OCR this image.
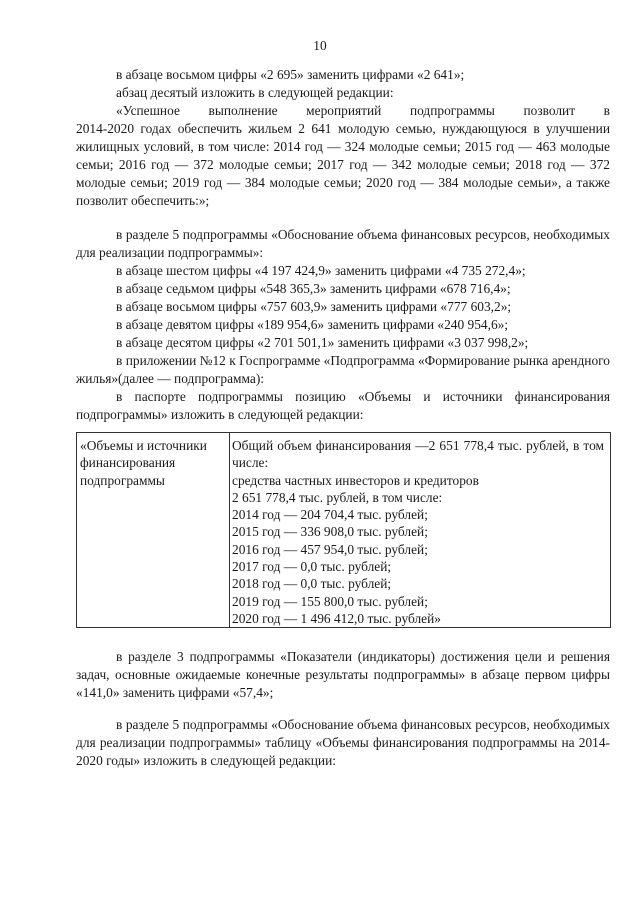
10

в абзаце восьмом цифры «2 695» заменить цифрами «2 641»;

абзац десятый изложить в следующей редакции:

«Успешное выполнение мероприятий подпрограммы позволит в

2014-2020 годах обеспечить жильем 2 641 молодую семью, нуждающуюся в улучшении жилищных условий, в том числе: 2014 год — 324 молодые семьи; 2015 год — 463 молодые семьи; 2016 год — 372 молодые семьи; 2017 год — 342 молодые семьи; 2018 год — 372 молодые семьи; 2019 год — 384 молодые семьи; 2020 год — 384 молодые семьи», а также позволит обеспечить:»;

в разделе 5 подпрограммы «Обоснование объема финансовых ресурсов, необходимых для реализации подпрограммы»:

в абзаце шестом цифры «4 197 424,9» заменить цифрами «4 735 272,4»;

в абзаце седьмом цифры «548 365,3» заменить цифрами «678 716,4»;

в абзаце восьмом цифры «757 603,9» заменить цифрами «777 603,2»;

в абзаце девятом цифры «189 954,6» заменить цифрами «240 954,6»;

в абзаце десятом цифры «2 701 501,1» заменить цифрами «3 037 998,2»;

в приложении №12 к Госпрограмме «Подпрограмма «Формирование рынка арендного жилья»(далее — подпрограмма):

в паспорте подпрограммы позицию «Объемы и источники финансирования подпрограммы» изложить в следующей редакции:

«Объемы и источники финансирования подпрограммы
Общий объем финансирования —2 651 778,4 тыс. рублей, в том числе:
средства частных инвесторов и кредиторов
2 651 778,4 тыс. рублей, в том числе:
2014 год — 204 704,4 тыс. рублей;
2015 год — 336 908,0 тыс. рублей;
2016 год — 457 954,0 тыс. рублей;
2017 год — 0,0 тыс. рублей;
2018 год — 0,0 тыс. рублей;
2019 год — 155 800,0 тыс. рублей;
2020 год — 1 496 412,0 тыс. рублей»

в разделе 3 подпрограммы «Показатели (индикаторы) достижения цели и решения задач, основные ожидаемые конечные результаты подпрограммы» в абзаце первом цифры «141,0» заменить цифрами «57,4»;

в разделе 5 подпрограммы «Обоснование объема финансовых ресурсов, необходимых для реализации подпрограммы» таблицу «Объемы финансирования подпрограммы на 2014-2020 годы» изложить в следующей редакции:
